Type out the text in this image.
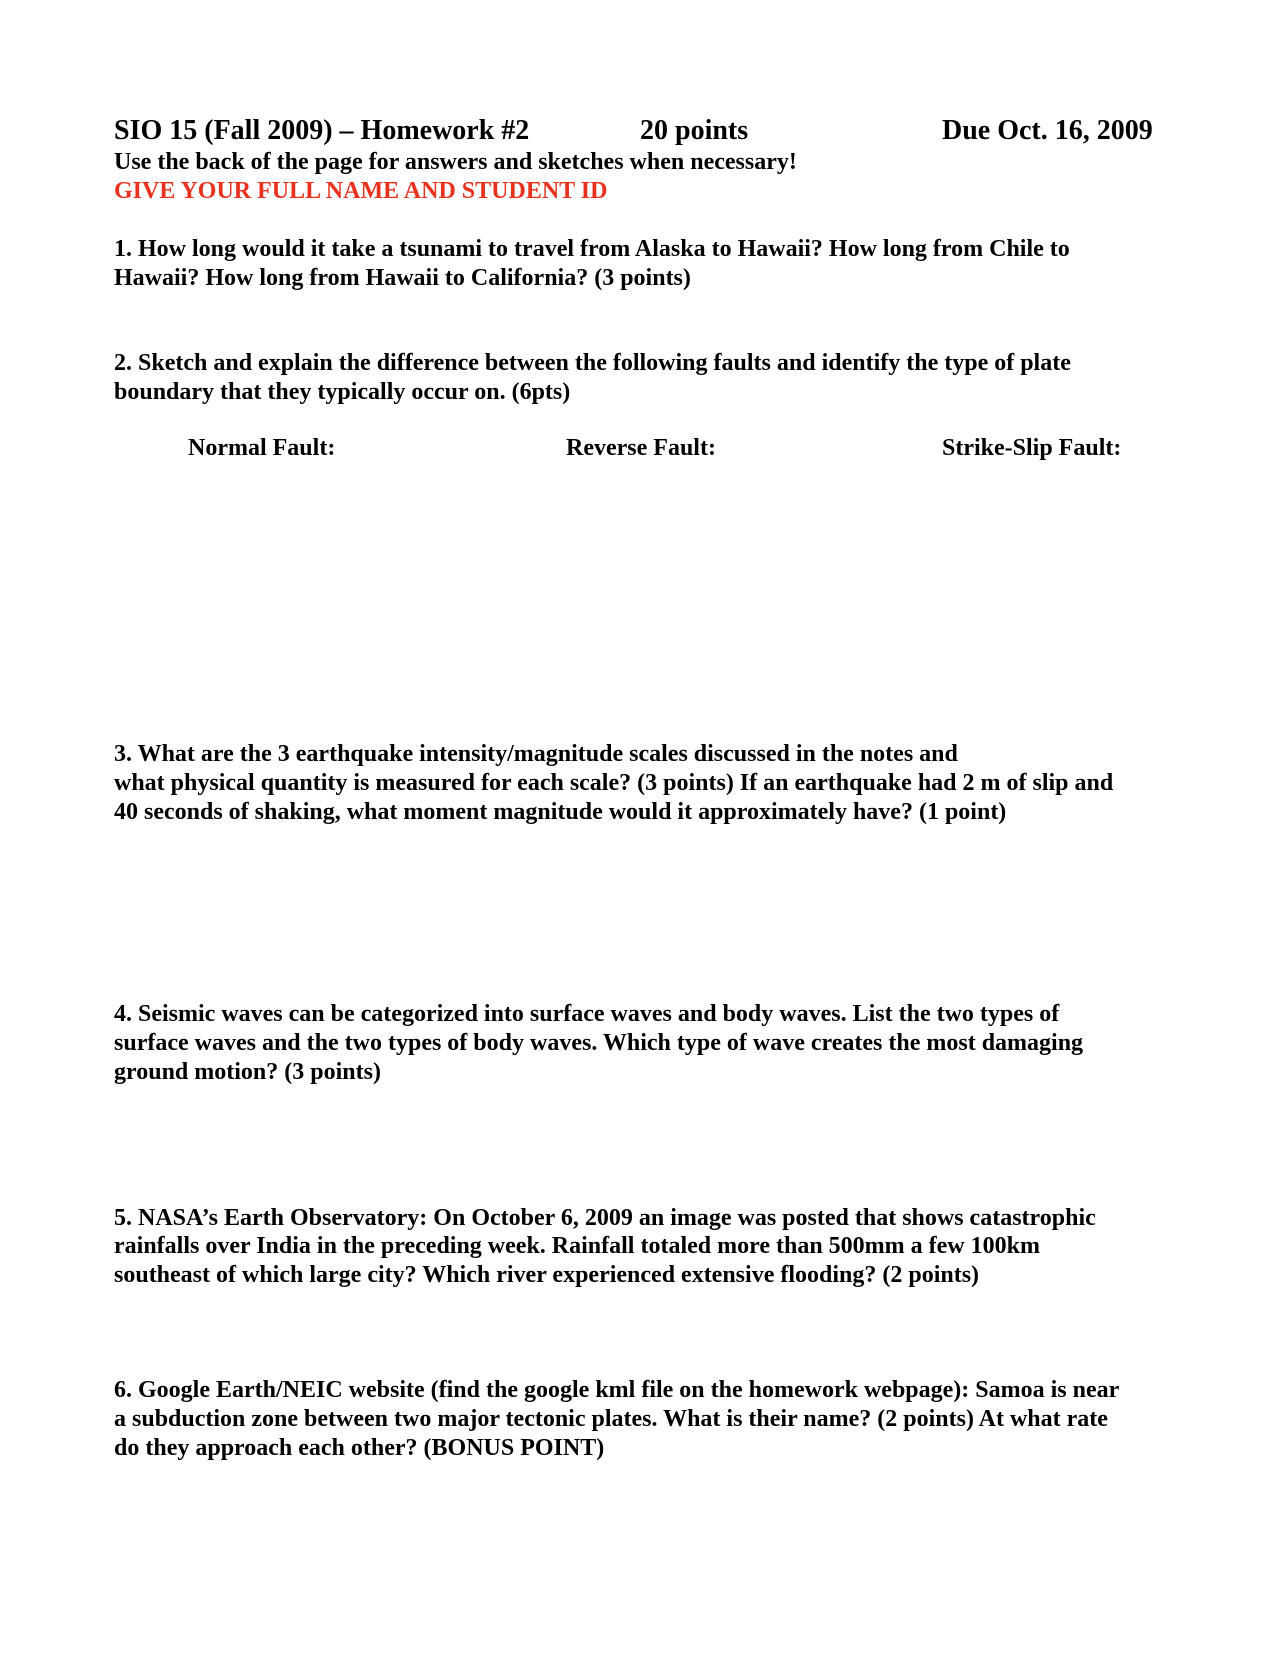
SIO 15 (Fall 2009) – Homework #2	20 points	Due Oct. 16, 2009
Use the back of the page for answers and sketches when necessary!
GIVE YOUR FULL NAME AND STUDENT ID
1. How long would it take a tsunami to travel from Alaska to Hawaii? How long from Chile to
Hawaii? How long from Hawaii to California? (3 points)
2. Sketch and explain the difference between the following faults and identify the type of plate
boundary that they typically occur on. (6pts)
Normal Fault:	Reverse Fault:	Strike-Slip Fault:
3. What are the 3 earthquake intensity/magnitude scales discussed in the notes and
what physical quantity is measured for each scale? (3 points) If an earthquake had 2 m of slip and
40 seconds of shaking, what moment magnitude would it approximately have? (1 point)
4. Seismic waves can be categorized into surface waves and body waves. List the two types of
surface waves and the two types of body waves. Which type of wave creates the most damaging
ground motion? (3 points)
5. NASA’s Earth Observatory: On October 6, 2009 an image was posted that shows catastrophic
rainfalls over India in the preceding week. Rainfall totaled more than 500mm a few 100km
southeast of which large city? Which river experienced extensive flooding? (2 points)
6. Google Earth/NEIC website (find the google kml file on the homework webpage): Samoa is near
a subduction zone between two major tectonic plates. What is their name? (2 points) At what rate
do they approach each other? (BONUS POINT)
